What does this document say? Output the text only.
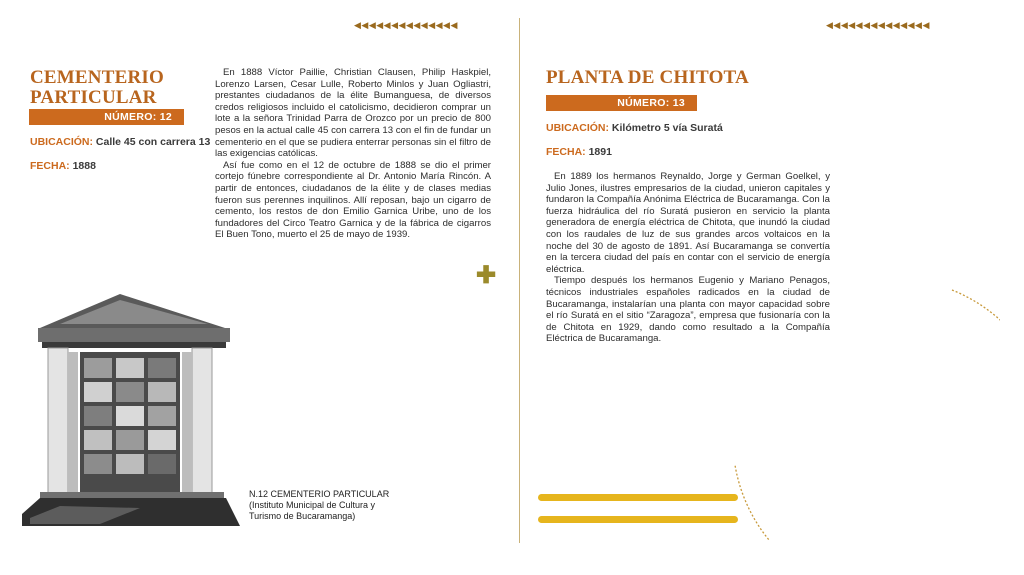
◀◀◀◀◀◀◀◀◀◀◀◀◀◀	◀◀◀◀◀◀◀◀◀◀◀◀◀◀
CEMENTERIO
PARTICULAR
NÚMERO: 12
UBICACIÓN: Calle 45 con carrera 13
FECHA: 1888

En 1888 Víctor Paillie, Christian Clausen, Philip Haskpiel, Lorenzo Larsen, Cesar Lulle, Roberto Minlos y Juan Ogliastri, prestantes ciudadanos de la élite Bumanguesa, de diversos credos religiosos incluido el catolicismo, decidieron comprar un lote a la señora Trinidad Parra de Orozco por un precio de 800 pesos en la actual calle 45 con carrera 13 con el fin de fundar un cementerio en el que se pudiera enterrar personas sin el filtro de las exigencias católicas.

Así fue como en el 12 de octubre de 1888 se dio el primer cortejo fúnebre correspondiente al Dr. Antonio María Rincón. A partir de entonces, ciudadanos de la élite y de clases medias fueron sus perennes inquilinos. Allí reposan, bajo un cigarro de cemento, los restos de don Emilio Garnica Uribe, uno de los fundadores del Circo Teatro Garnica y de la fábrica de cigarros El Buen Tono, muerto el 25 de mayo de 1939.

N.12 CEMENTERIO PARTICULAR
(Instituto Municipal de Cultura y
Turismo de Bucaramanga)
✚
PLANTA DE CHITOTA
NÚMERO: 13
UBICACIÓN: Kilómetro 5 vía Suratá
FECHA: 1891

En 1889 los hermanos Reynaldo, Jorge y German Goelkel, y Julio Jones, ilustres empresarios de la ciudad, unieron capitales y fundaron la Compañía Anónima Eléctrica de Bucaramanga. Con la fuerza hidráulica del río Suratá pusieron en servicio la planta generadora de energía eléctrica de Chitota, que inundó la ciudad con los raudales de luz de sus grandes arcos voltaicos en la noche del 30 de agosto de 1891. Así Bucaramanga se convertía en la tercera ciudad del país en contar con el servicio de energía eléctrica.

Tiempo después los hermanos Eugenio y Mariano Penagos, técnicos industriales españoles radicados en la ciudad de Bucaramanga, instalarían una planta con mayor capacidad sobre el río Suratá en el sitio “Zaragoza”, empresa que fusionaría con la de Chitota en 1929, dando como resultado a la Compañía Eléctrica de Bucaramanga.
